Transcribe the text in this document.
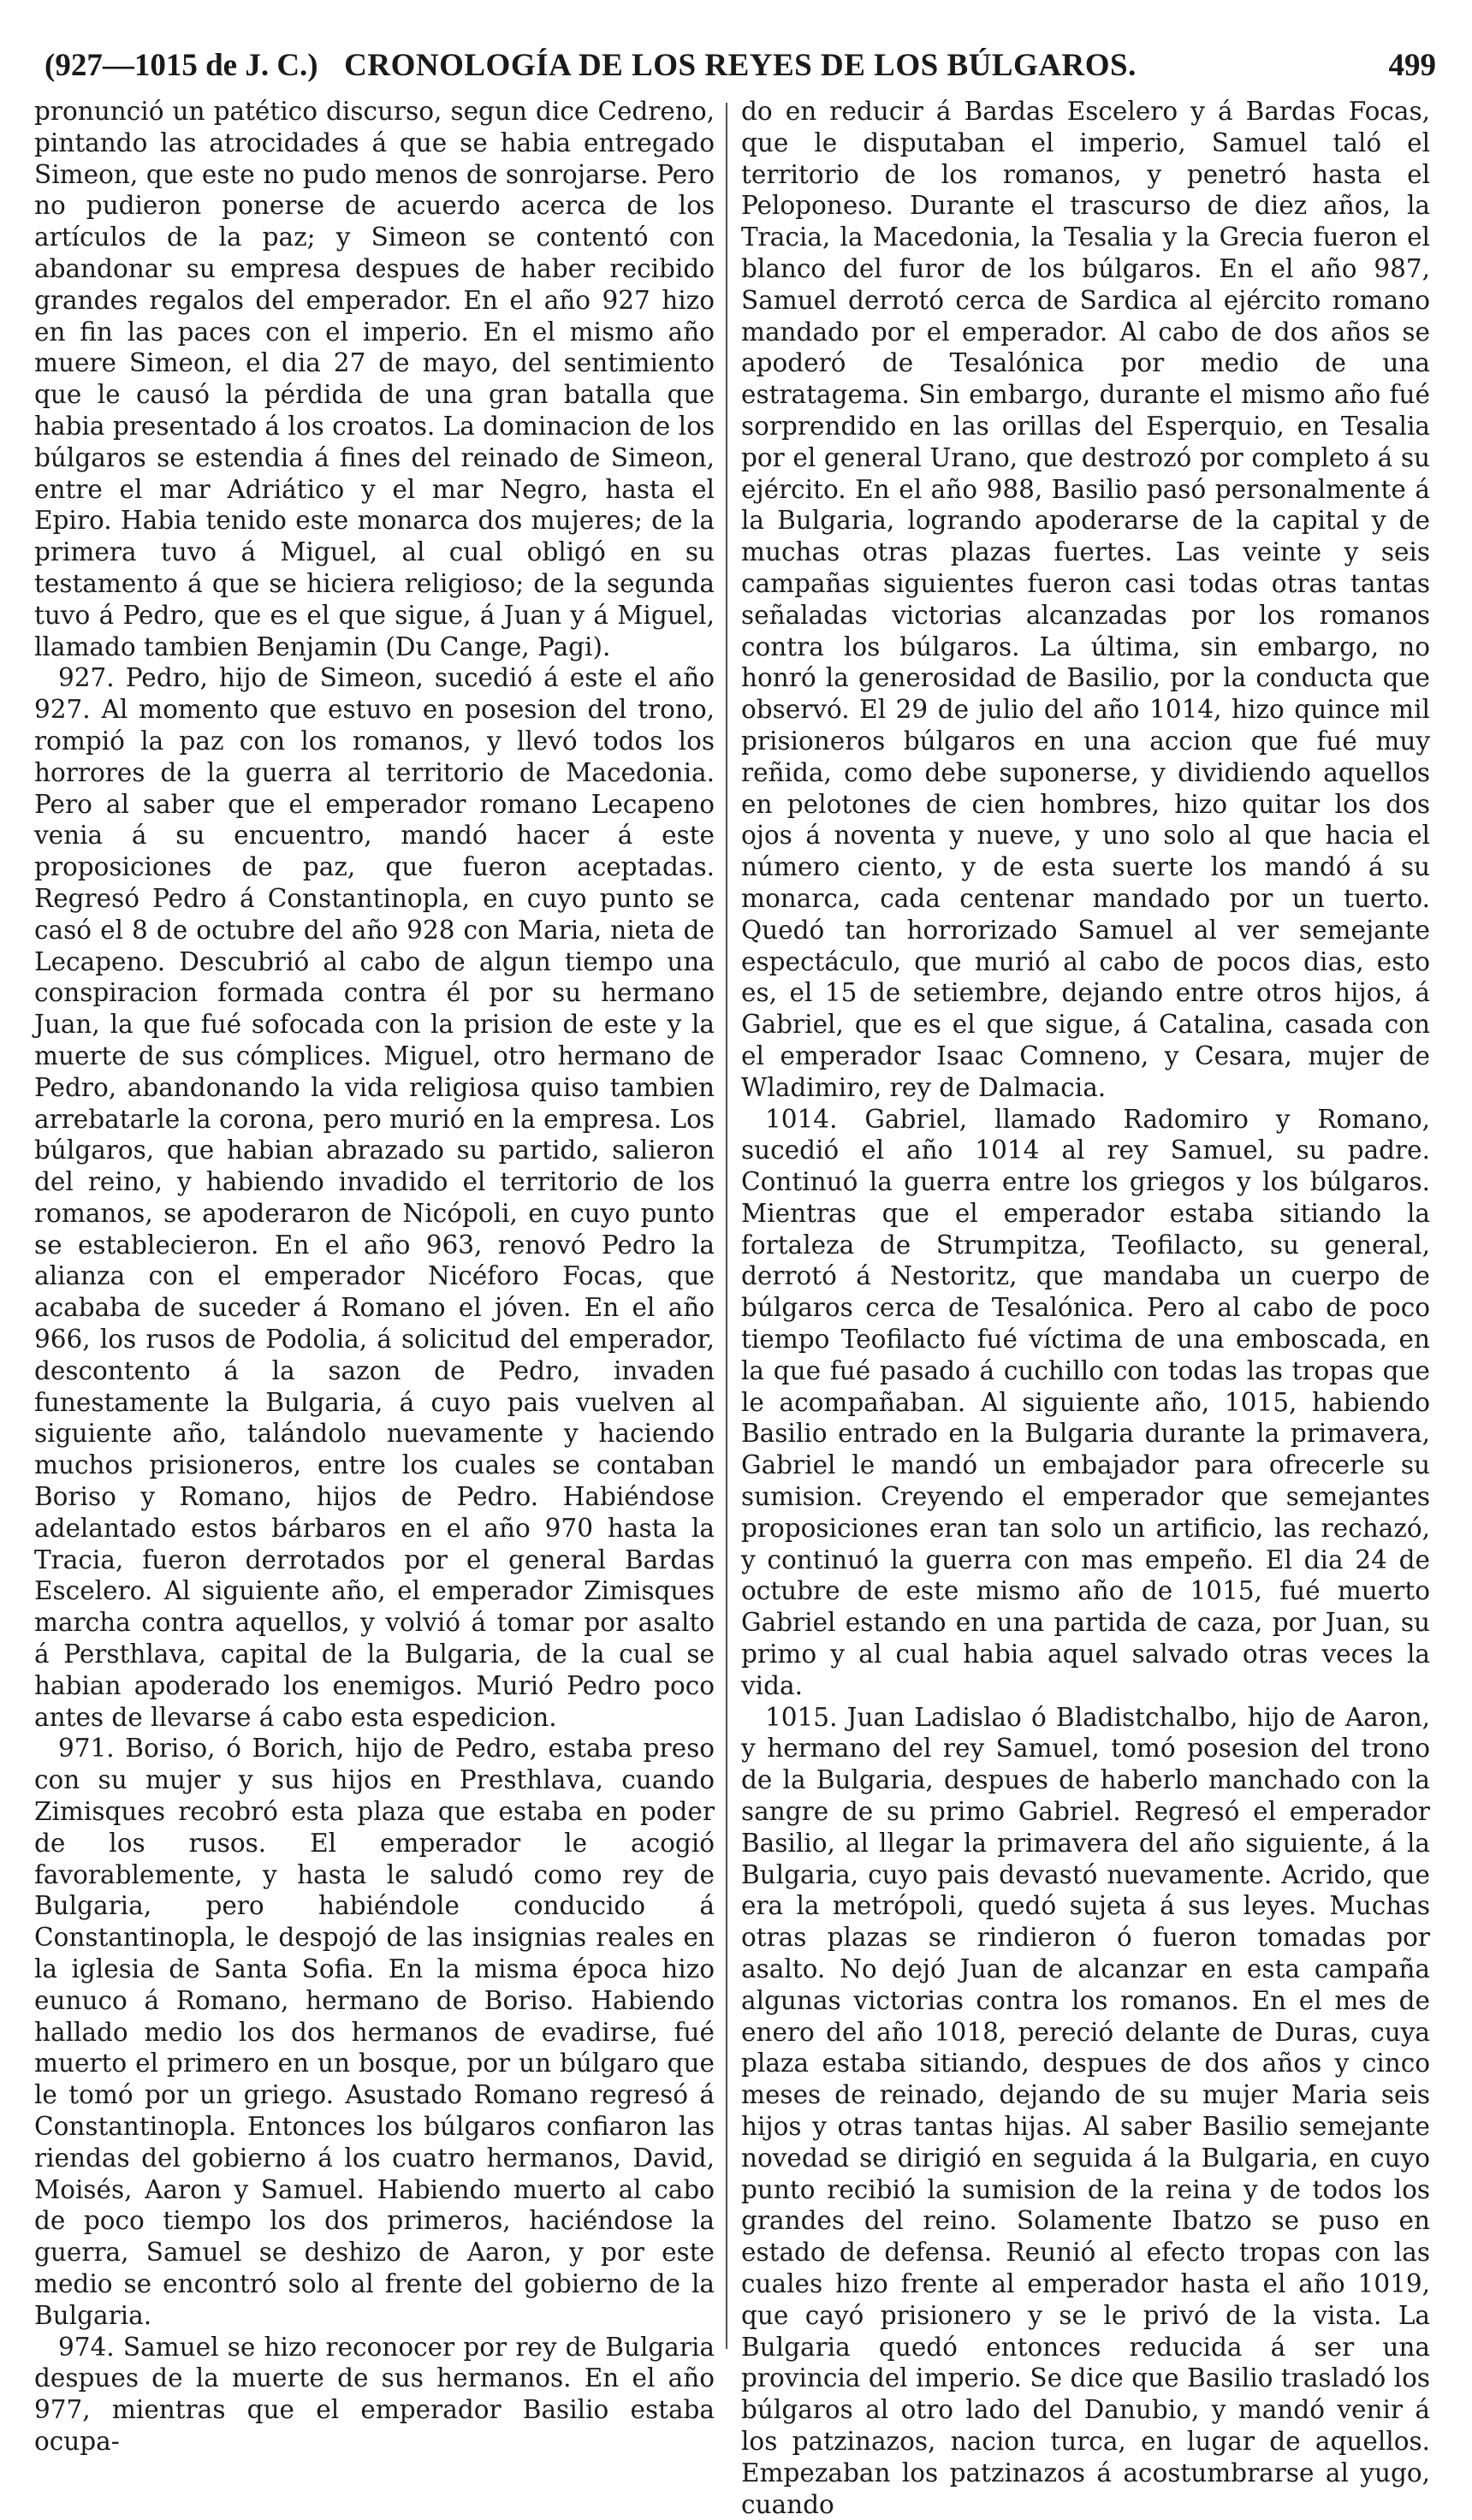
(927—1015 de J. C.) CRONOLOGÍA DE LOS REYES DE LOS BÚLGAROS.	499

pronunció un patético discurso, segun dice Cedreno, pintando las atrocidades á que se habia entregado Simeon, que este no pudo menos de sonrojarse. Pero no pudieron ponerse de acuerdo acerca de los artículos de la paz; y Simeon se contentó con abandonar su empresa despues de haber recibido grandes regalos del emperador. En el año 927 hizo en fin las paces con el imperio. En el mismo año muere Simeon, el dia 27 de mayo, del sentimiento que le causó la pérdida de una gran batalla que habia presentado á los croatos. La dominacion de los búlgaros se estendia á fines del reinado de Simeon, entre el mar Adriático y el mar Negro, hasta el Epiro. Habia tenido este monarca dos mujeres; de la primera tuvo á Miguel, al cual obligó en su testamento á que se hiciera religioso; de la segunda tuvo á Pedro, que es el que sigue, á Juan y á Miguel, llamado tambien Benjamin (Du Cange, Pagi).

927. Pedro, hijo de Simeon, sucedió á este el año 927. Al momento que estuvo en posesion del trono, rompió la paz con los romanos, y llevó todos los horrores de la guerra al territorio de Macedonia. Pero al saber que el emperador romano Lecapeno venia á su encuentro, mandó hacer á este proposiciones de paz, que fueron aceptadas. Regresó Pedro á Constantinopla, en cuyo punto se casó el 8 de octubre del año 928 con Maria, nieta de Lecapeno. Descubrió al cabo de algun tiempo una conspiracion formada contra él por su hermano Juan, la que fué sofocada con la prision de este y la muerte de sus cómplices. Miguel, otro hermano de Pedro, abandonando la vida religiosa quiso tambien arrebatarle la corona, pero murió en la empresa. Los búlgaros, que habian abrazado su partido, salieron del reino, y habiendo invadido el territorio de los romanos, se apoderaron de Nicópoli, en cuyo punto se establecieron. En el año 963, renovó Pedro la alianza con el emperador Nicéforo Focas, que acababa de suceder á Romano el jóven. En el año 966, los rusos de Podolia, á solicitud del emperador, descontento á la sazon de Pedro, invaden funestamente la Bulgaria, á cuyo pais vuelven al siguiente año, talándolo nuevamente y haciendo muchos prisioneros, entre los cuales se contaban Boriso y Romano, hijos de Pedro. Habiéndose adelantado estos bárbaros en el año 970 hasta la Tracia, fueron derrotados por el general Bardas Escelero. Al siguiente año, el emperador Zimisques marcha contra aquellos, y volvió á tomar por asalto á Persthlava, capital de la Bulgaria, de la cual se habian apoderado los enemigos. Murió Pedro poco antes de llevarse á cabo esta espedicion.

971. Boriso, ó Borich, hijo de Pedro, estaba preso con su mujer y sus hijos en Presthlava, cuando Zimisques recobró esta plaza que estaba en poder de los rusos. El emperador le acogió favorablemente, y hasta le saludó como rey de Bulgaria, pero habiéndole conducido á Constantinopla, le despojó de las insignias reales en la iglesia de Santa Sofia. En la misma época hizo eunuco á Romano, hermano de Boriso. Habiendo hallado medio los dos hermanos de evadirse, fué muerto el primero en un bosque, por un búlgaro que le tomó por un griego. Asustado Romano regresó á Constantinopla. Entonces los búlgaros confiaron las riendas del gobierno á los cuatro hermanos, David, Moisés, Aaron y Samuel. Habiendo muerto al cabo de poco tiempo los dos primeros, haciéndose la guerra, Samuel se deshizo de Aaron, y por este medio se encontró solo al frente del gobierno de la Bulgaria.

974. Samuel se hizo reconocer por rey de Bulgaria despues de la muerte de sus hermanos. En el año 977, mientras que el emperador Basilio estaba ocupa-

do en reducir á Bardas Escelero y á Bardas Focas, que le disputaban el imperio, Samuel taló el territorio de los romanos, y penetró hasta el Peloponeso. Durante el trascurso de diez años, la Tracia, la Macedonia, la Tesalia y la Grecia fueron el blanco del furor de los búlgaros. En el año 987, Samuel derrotó cerca de Sardica al ejército romano mandado por el emperador. Al cabo de dos años se apoderó de Tesalónica por medio de una estratagema. Sin embargo, durante el mismo año fué sorprendido en las orillas del Esperquio, en Tesalia por el general Urano, que destrozó por completo á su ejército. En el año 988, Basilio pasó personalmente á la Bulgaria, logrando apoderarse de la capital y de muchas otras plazas fuertes. Las veinte y seis campañas siguientes fueron casi todas otras tantas señaladas victorias alcanzadas por los romanos contra los búlgaros. La última, sin embargo, no honró la generosidad de Basilio, por la conducta que observó. El 29 de julio del año 1014, hizo quince mil prisioneros búlgaros en una accion que fué muy reñida, como debe suponerse, y dividiendo aquellos en pelotones de cien hombres, hizo quitar los dos ojos á noventa y nueve, y uno solo al que hacia el número ciento, y de esta suerte los mandó á su monarca, cada centenar mandado por un tuerto. Quedó tan horrorizado Samuel al ver semejante espectáculo, que murió al cabo de pocos dias, esto es, el 15 de setiembre, dejando entre otros hijos, á Gabriel, que es el que sigue, á Catalina, casada con el emperador Isaac Comneno, y Cesara, mujer de Wladimiro, rey de Dalmacia.

1014. Gabriel, llamado Radomiro y Romano, sucedió el año 1014 al rey Samuel, su padre. Continuó la guerra entre los griegos y los búlgaros. Mientras que el emperador estaba sitiando la fortaleza de Strumpitza, Teofilacto, su general, derrotó á Nestoritz, que mandaba un cuerpo de búlgaros cerca de Tesalónica. Pero al cabo de poco tiempo Teofilacto fué víctima de una emboscada, en la que fué pasado á cuchillo con todas las tropas que le acompañaban. Al siguiente año, 1015, habiendo Basilio entrado en la Bulgaria durante la primavera, Gabriel le mandó un embajador para ofrecerle su sumision. Creyendo el emperador que semejantes proposiciones eran tan solo un artificio, las rechazó, y continuó la guerra con mas empeño. El dia 24 de octubre de este mismo año de 1015, fué muerto Gabriel estando en una partida de caza, por Juan, su primo y al cual habia aquel salvado otras veces la vida.

1015. Juan Ladislao ó Bladistchalbo, hijo de Aaron, y hermano del rey Samuel, tomó posesion del trono de la Bulgaria, despues de haberlo manchado con la sangre de su primo Gabriel. Regresó el emperador Basilio, al llegar la primavera del año siguiente, á la Bulgaria, cuyo pais devastó nuevamente. Acrido, que era la metrópoli, quedó sujeta á sus leyes. Muchas otras plazas se rindieron ó fueron tomadas por asalto. No dejó Juan de alcanzar en esta campaña algunas victorias contra los romanos. En el mes de enero del año 1018, pereció delante de Duras, cuya plaza estaba sitiando, despues de dos años y cinco meses de reinado, dejando de su mujer Maria seis hijos y otras tantas hijas. Al saber Basilio semejante novedad se dirigió en seguida á la Bulgaria, en cuyo punto recibió la sumision de la reina y de todos los grandes del reino. Solamente Ibatzo se puso en estado de defensa. Reunió al efecto tropas con las cuales hizo frente al emperador hasta el año 1019, que cayó prisionero y se le privó de la vista. La Bulgaria quedó entonces reducida á ser una provincia del imperio. Se dice que Basilio trasladó los búlgaros al otro lado del Danubio, y mandó venir á los patzinazos, nacion turca, en lugar de aquellos. Empezaban los patzinazos á acostumbrarse al yugo, cuando
